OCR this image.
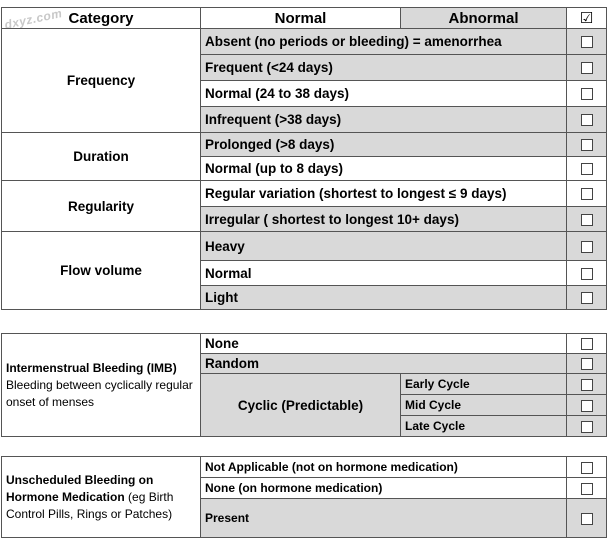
dxyz.com Category	Normal	Abnormal	☑
Frequency	Absent (no periods or bleeding) = amenorrhea		
	Frequent (<24 days)		
	Normal (24 to 38 days)		
	Infrequent (>38 days)		
Duration	Prolonged (>8 days)		
	Normal (up to 8 days)		
Regularity	Regular variation (shortest to longest ≤ 9 days)		
	Irregular ( shortest to longest 10+ days)		
Flow volume	Heavy		
	Normal		
	Light		
Intermenstrual Bleeding (IMB)
Bleeding between cyclically regular onset of menses	None		
	Random		
	Cyclic (Predictable)	Early Cycle	
		Mid Cycle	
		Late Cycle	
Unscheduled Bleeding on Hormone Medication (eg Birth Control Pills, Rings or Patches)	Not Applicable (not on hormone medication)	
	None (on hormone medication)	
	Present	
